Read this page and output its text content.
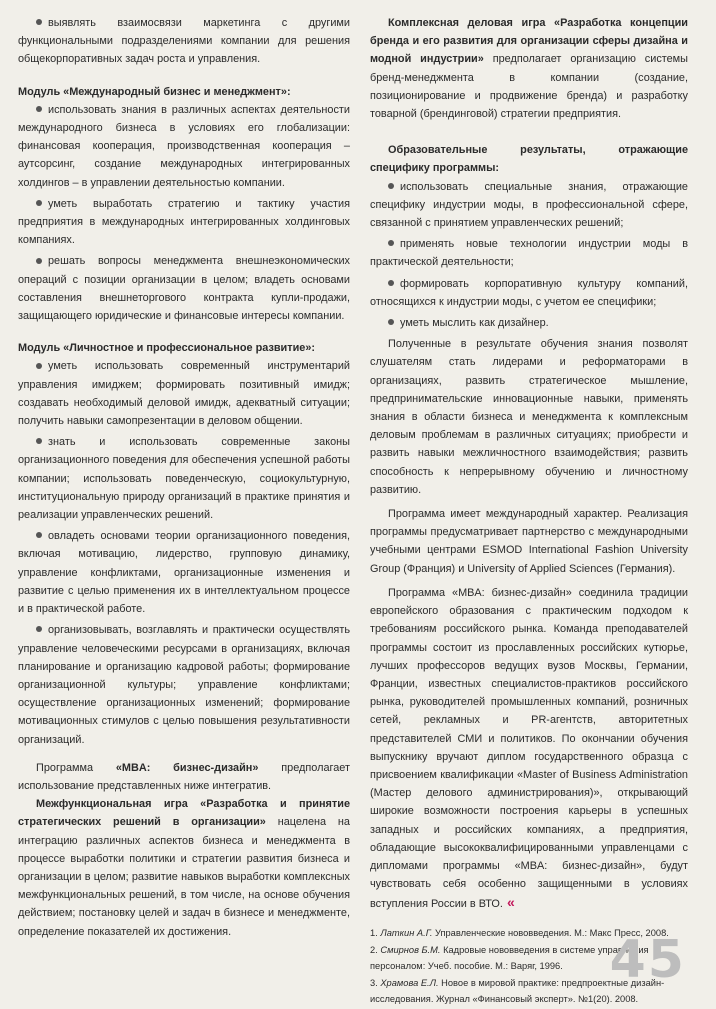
выявлять взаимосвязи маркетинга с другими функциональными подразделениями компании для решения общекорпоративных задач роста и управления.

Модуль «Международный бизнес и менеджмент»:

использовать знания в различных аспектах деятельности международного бизнеса в условиях его глобализации: финансовая кооперация, производственная кооперация – аутсорсинг, создание международных интегрированных холдингов – в управлении деятельностью компании.
уметь выработать стратегию и тактику участия предприятия в международных интегрированных холдинговых компаниях.
решать вопросы менеджмента внешнеэкономических операций с позиции организации в целом; владеть основами составления внешнеторгового контракта купли-продажи, защищающего юридические и финансовые интересы компании.

Модуль «Личностное и профессиональное развитие»:

уметь использовать современный инструментарий управления имиджем; формировать позитивный имидж; создавать необходимый деловой имидж, адекватный ситуации; получить навыки самопрезентации в деловом общении.
знать и использовать современные законы организационного поведения для обеспечения успешной работы компании; использовать поведенческую, социокультурную, институциональную природу организаций в практике принятия и реализации управленческих решений.
овладеть основами теории организационного поведения, включая мотивацию, лидерство, групповую динамику, управление конфликтами, организационные изменения и развитие с целью применения их в интеллектуальном процессе и в практической работе.
организовывать, возглавлять и практически осуществлять управление человеческими ресурсами в организациях, включая планирование и организацию кадровой работы; формирование организационной культуры; управление конфликтами; осуществление организационных изменений; формирование мотивационных стимулов с целью повышения результативности организаций.

Программа «MBA: бизнес-дизайн» предполагает использование представленных ниже интегратив.

Межфункциональная игра «Разработка и принятие стратегических решений в организации» нацелена на интеграцию различных аспектов бизнеса и менеджмента в процессе выработки политики и стратегии развития бизнеса и организации в целом; развитие навыков выработки комплексных межфункциональных решений, в том числе, на основе обучения действием; постановку целей и задач в бизнесе и менеджменте, определение показателей их достижения.

Комплексная деловая игра «Разработка концепции бренда и его развития для организации сферы дизайна и модной индустрии» предполагает организацию системы бренд-менеджмента в компании (создание, позиционирование и продвижение бренда) и разработку товарной (брендинговой) стратегии предприятия.

Образовательные результаты, отражающие специфику программы:

использовать специальные знания, отражающие специфику индустрии моды, в профессиональной сфере, связанной с принятием управленческих решений;
применять новые технологии индустрии моды в практической деятельности;
формировать корпоративную культуру компаний, относящихся к индустрии моды, с учетом ее специфики;
уметь мыслить как дизайнер.

Полученные в результате обучения знания позволят слушателям стать лидерами и реформаторами в организациях, развить стратегическое мышление, предпринимательские инновационные навыки, применять знания в области бизнеса и менеджмента к комплексным деловым проблемам в различных ситуациях; приобрести и развить навыки межличностного взаимодействия; развить способность к непрерывному обучению и личностному развитию.

Программа имеет международный характер. Реализация программы предусматривает партнерство с международными учебными центрами ESMOD International Fashion University Group (Франция) и University of Applied Sciences (Германия).

Программа «MBA: бизнес-дизайн» соединила традиции европейского образования с практическим подходом к требованиям российского рынка. Команда преподавателей программы состоит из прославленных российских кутюрье, лучших профессоров ведущих вузов Москвы, Германии, Франции, известных специалистов-практиков российского рынка, руководителей промышленных компаний, розничных сетей, рекламных и PR-агентств, авторитетных представителей СМИ и политиков. По окончании обучения выпускнику вручают диплом государственного образца с присвоением квалификации «Master of Business Administration (Мастер делового администрирования)», открывающий широкие возможности построения карьеры в успешных западных и российских компаниях, а предприятия, обладающие высококвалифицированными управленцами с дипломами программы «MBA: бизнес-дизайн», будут чувствовать себя особенно защищенными в условиях вступления России в ВТО. «

1. Латкин А.Г. Управленческие нововведения. М.: Макс Пресс, 2008.

2. Смирнов Б.М. Кадровые нововведения в системе управления персоналом: Учеб. пособие. М.: Варяг, 1996.

3. Храмова Е.Л. Новое в мировой практике: предпроектные дизайн-исследования. Журнал «Финансовый эксперт». №1(20). 2008.

45
